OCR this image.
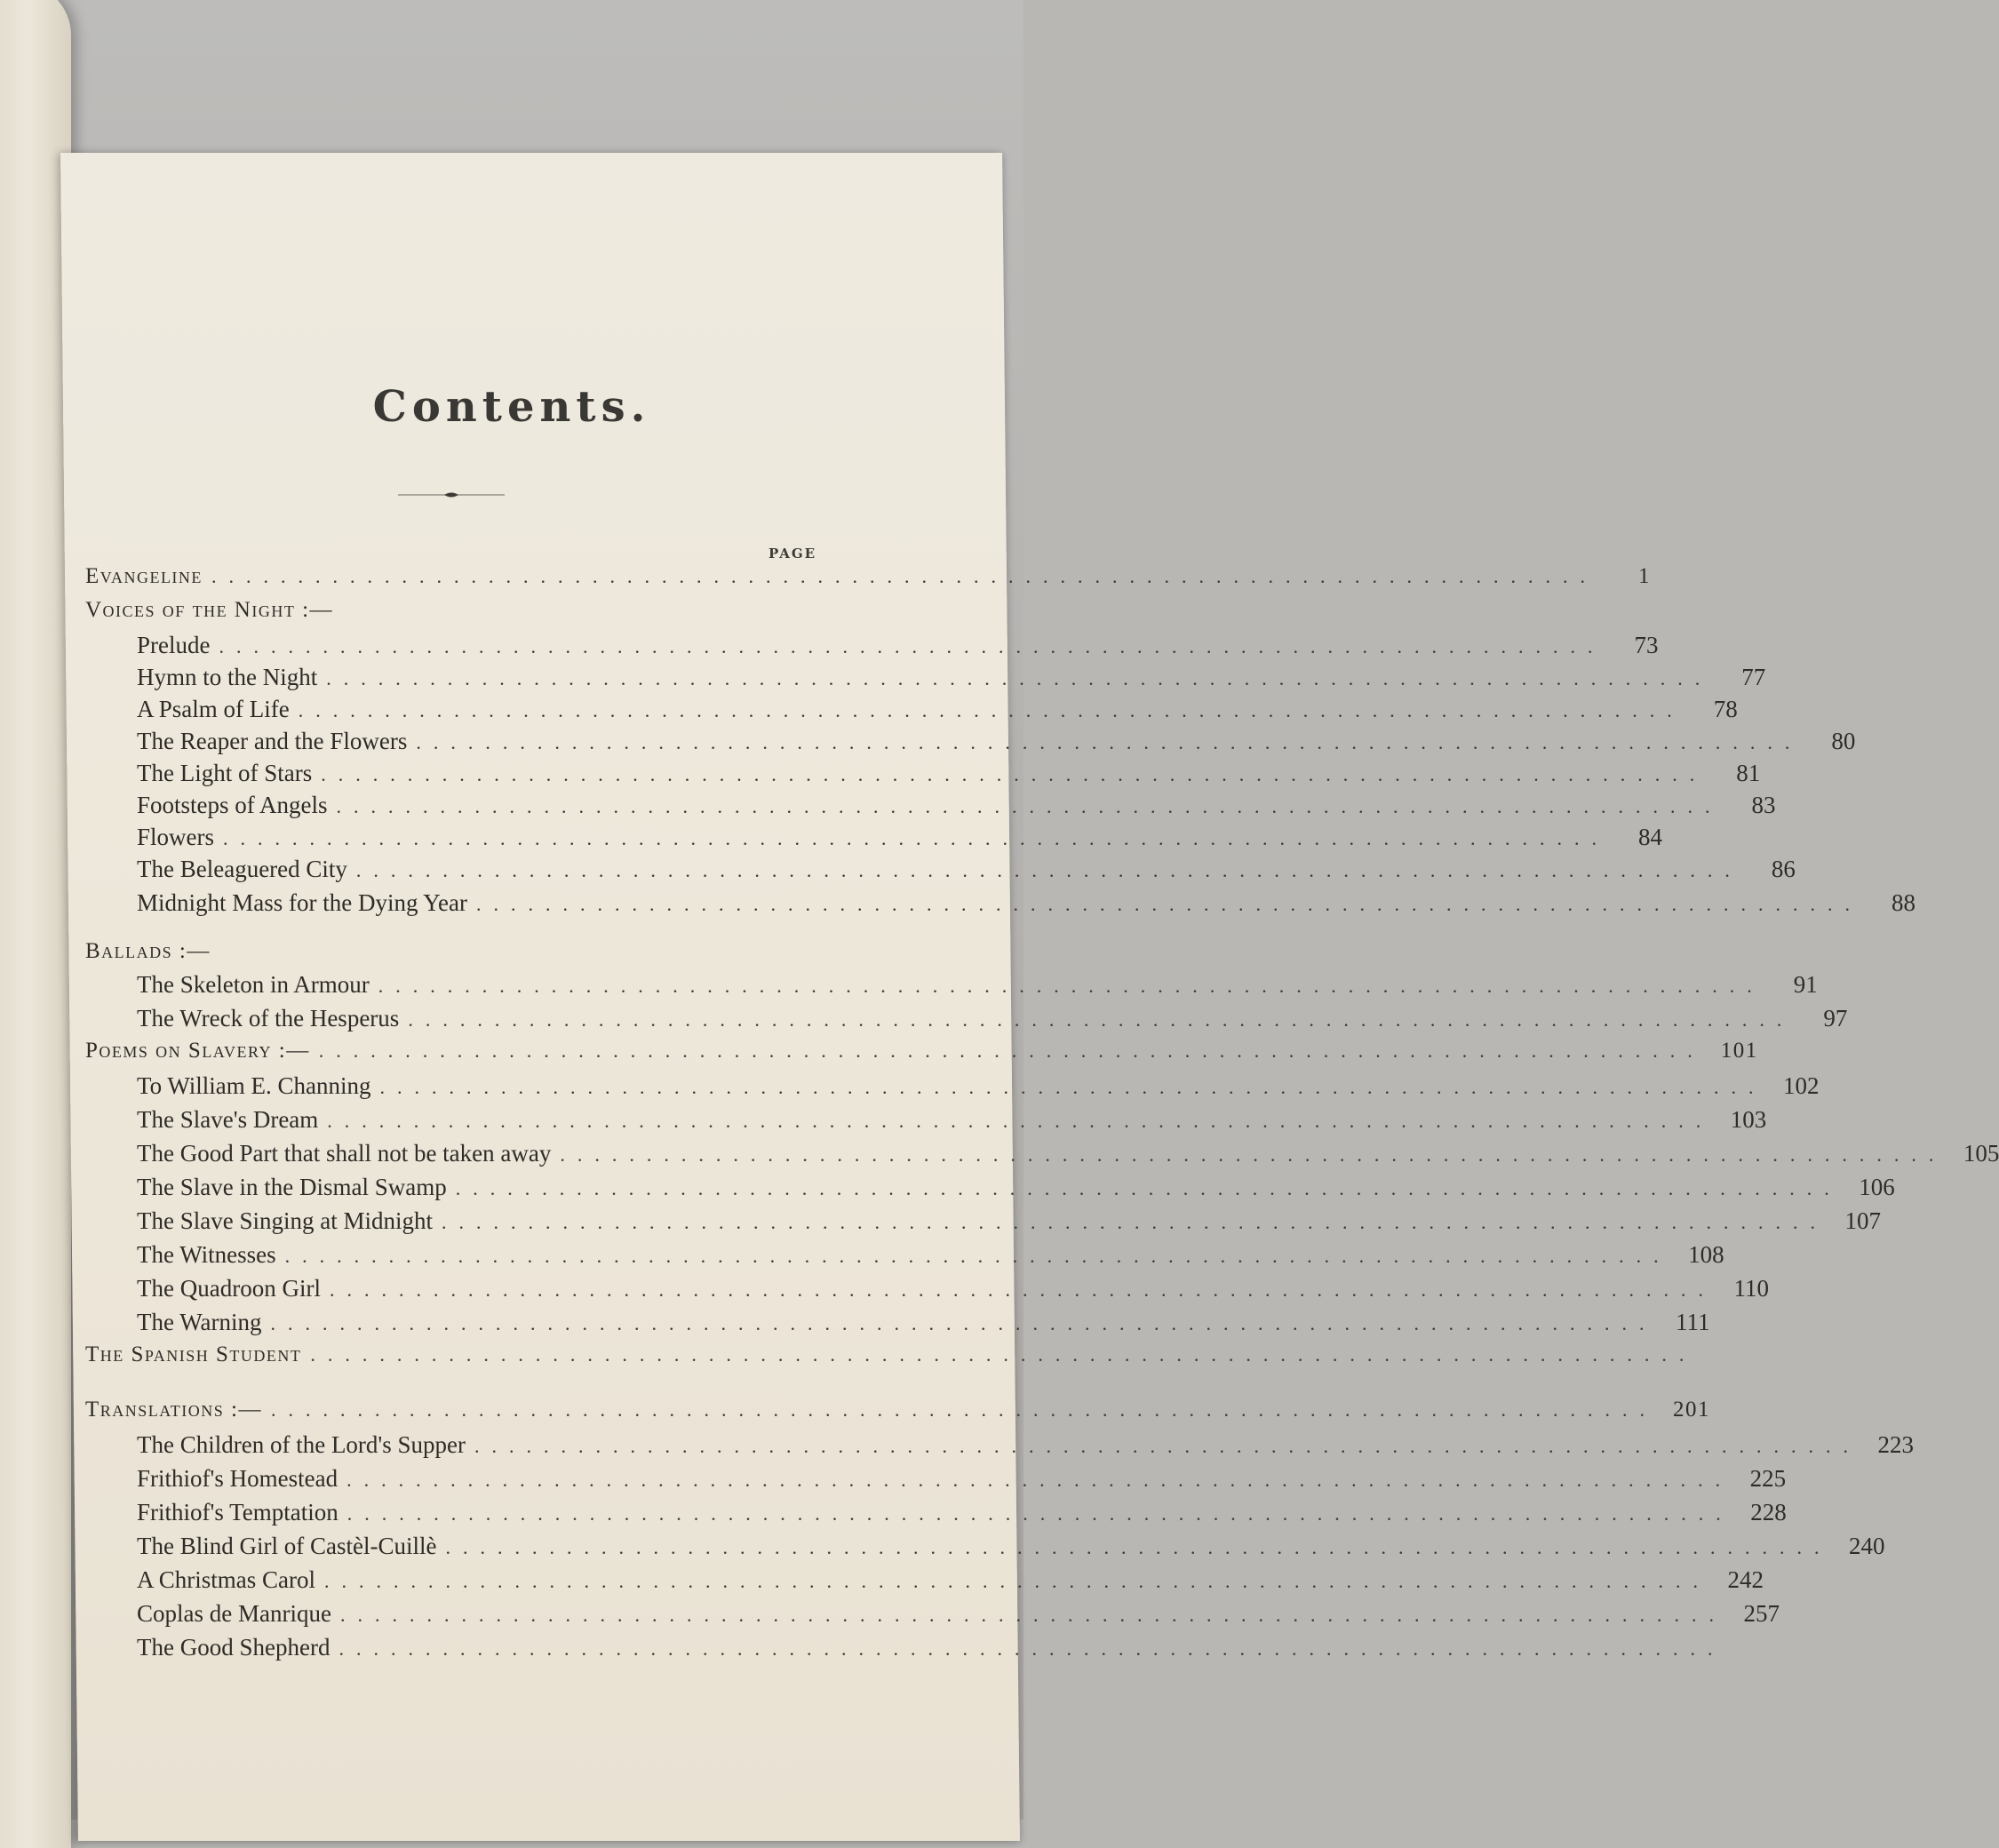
Contents.
PAGE
Evangeline ................................................................................	1
Voices of the Night :—
Prelude ................................................................................	73
Hymn to the Night ................................................................................	77
A Psalm of Life ................................................................................	78
The Reaper and the Flowers ................................................................................	80
The Light of Stars ................................................................................	81
Footsteps of Angels ................................................................................	83
Flowers ................................................................................	84
The Beleaguered City ................................................................................	86
Midnight Mass for the Dying Year ................................................................................	88
Ballads :—
The Skeleton in Armour ................................................................................	91
The Wreck of the Hesperus ................................................................................	97
Poems on Slavery :— ................................................................................ 101
To William E. Channing ................................................................................ 102
The Slave's Dream ................................................................................ 103
The Good Part that shall not be taken away ................................................................................ 105
The Slave in the Dismal Swamp ................................................................................ 106
The Slave Singing at Midnight ................................................................................ 107
The Witnesses ................................................................................ 108
The Quadroon Girl ................................................................................ 110
The Warning ................................................................................ 111
The Spanish Student ................................................................................
Translations :— ................................................................................ 201
The Children of the Lord's Supper ................................................................................ 223
Frithiof's Homestead ................................................................................ 225
Frithiof's Temptation ................................................................................ 228
The Blind Girl of Castèl-Cuillè ................................................................................ 240
A Christmas Carol ................................................................................ 242
Coplas de Manrique ................................................................................ 257
The Good Shepherd ................................................................................
